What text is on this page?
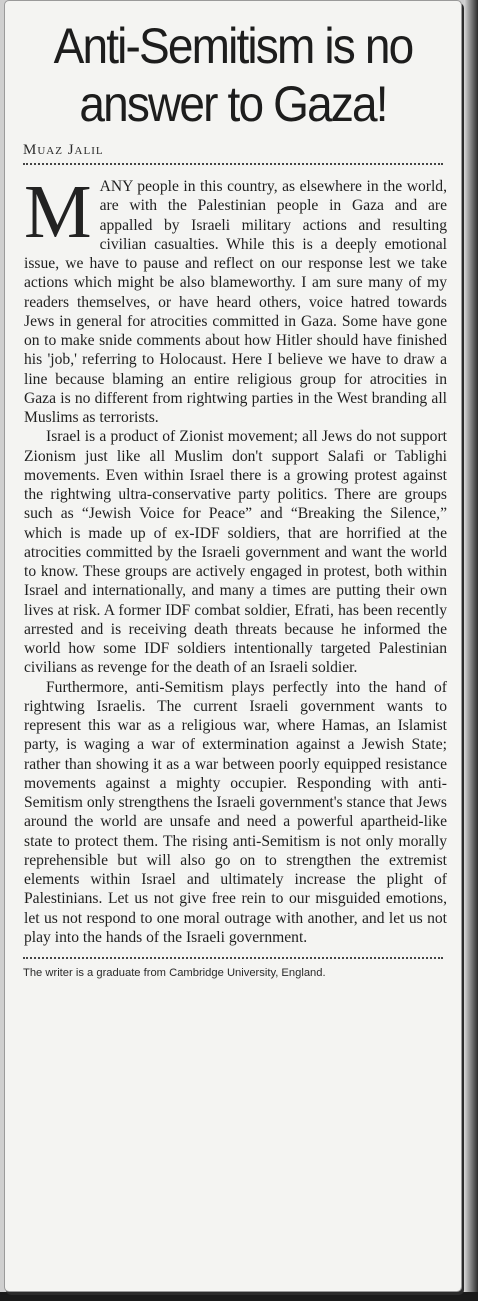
Anti-Semitism is no
answer to Gaza!
Muaz Jalil

MANY people in this country, as elsewhere in the world, are with the Palestinian people in Gaza and are appalled by Israeli military actions and resulting civilian casualties. While this is a deeply emotional issue, we have to pause and reflect on our response lest we take actions which might be also blameworthy. I am sure many of my readers themselves, or have heard others, voice hatred towards Jews in general for atrocities committed in Gaza. Some have gone on to make snide comments about how Hitler should have finished his 'job,' referring to Holocaust. Here I believe we have to draw a line because blaming an entire religious group for atrocities in Gaza is no different from rightwing parties in the West branding all Muslims as terrorists.

Israel is a product of Zionist movement; all Jews do not support Zionism just like all Muslim don't support Salafi or Tablighi movements. Even within Israel there is a growing protest against the rightwing ultra-conservative party politics. There are groups such as “Jewish Voice for Peace” and “Breaking the Silence,” which is made up of ex-IDF soldiers, that are horrified at the atrocities committed by the Israeli government and want the world to know. These groups are actively engaged in protest, both within Israel and internationally, and many a times are putting their own lives at risk. A former IDF combat soldier, Efrati, has been recently arrested and is receiving death threats because he informed the world how some IDF soldiers intentionally targeted Palestinian civilians as revenge for the death of an Israeli soldier.

Furthermore, anti-Semitism plays perfectly into the hand of rightwing Israelis. The current Israeli government wants to represent this war as a religious war, where Hamas, an Islamist party, is waging a war of extermination against a Jewish State; rather than showing it as a war between poorly equipped resistance movements against a mighty occupier. Responding with anti-Semitism only strengthens the Israeli government's stance that Jews around the world are unsafe and need a powerful apartheid-like state to protect them. The rising anti-Semitism is not only morally reprehensible but will also go on to strengthen the extremist elements within Israel and ultimately increase the plight of Palestinians. Let us not give free rein to our misguided emotions, let us not respond to one moral outrage with another, and let us not play into the hands of the Israeli government.

The writer is a graduate from Cambridge University, England.
